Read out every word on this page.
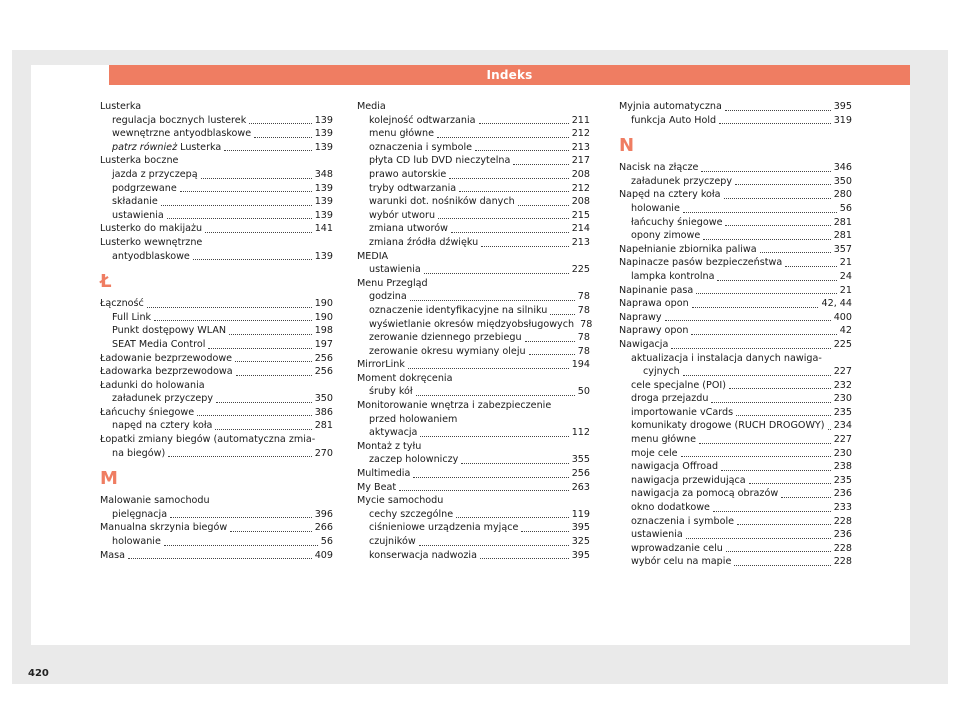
Indeks
Lusterka
regulacja bocznych lusterek	139
wewnętrzne antyodblaskowe	139
patrz również Lusterka	139
Lusterka boczne
jazda z przyczepą	348
podgrzewane	139
składanie	139
ustawienia	139
Lusterko do makijażu	141
Lusterko wewnętrzne
antyodblaskowe	139
Ł
Łączność	190
Full Link	190
Punkt dostępowy WLAN	198
SEAT Media Control	197
Ładowanie bezprzewodowe	256
Ładowarka bezprzewodowa	256
Ładunki do holowania
załadunek przyczepy	350
Łańcuchy śniegowe	386
napęd na cztery koła	281
Łopatki zmiany biegów (automatyczna zmia-
na biegów)	270
M
Malowanie samochodu
pielęgnacja	396
Manualna skrzynia biegów	266
holowanie	56
Masa	409
Media
kolejność odtwarzania	211
menu główne	212
oznaczenia i symbole	213
płyta CD lub DVD nieczytelna	217
prawo autorskie	208
tryby odtwarzania	212
warunki dot. nośników danych	208
wybór utworu	215
zmiana utworów	214
zmiana źródła dźwięku	213
MEDIA
ustawienia	225
Menu Przegląd
godzina	78
oznaczenie identyfikacyjne na silniku	78
wyświetlanie okresów międzyobsługowych 78
zerowanie dziennego przebiegu	78
zerowanie okresu wymiany oleju	78
MirrorLink	194
Moment dokręcenia
śruby kół	50
Monitorowanie wnętrza i zabezpieczenie
przed holowaniem
aktywacja	112
Montaż z tyłu
zaczep holowniczy	355
Multimedia	256
My Beat	263
Mycie samochodu
cechy szczególne	119
ciśnieniowe urządzenia myjące	395
czujników	325
konserwacja nadwozia	395
Myjnia automatyczna	395
funkcja Auto Hold	319
N
Nacisk na złącze	346
załadunek przyczepy	350
Napęd na cztery koła	280
holowanie	56
łańcuchy śniegowe	281
opony zimowe	281
Napełnianie zbiornika paliwa	357
Napinacze pasów bezpieczeństwa	21
lampka kontrolna	24
Napinanie pasa	21
Naprawa opon	42, 44
Naprawy	400
Naprawy opon	42
Nawigacja	225
aktualizacja i instalacja danych nawiga-
cyjnych	227
cele specjalne (POI)	232
droga przejazdu	230
importowanie vCards	235
komunikaty drogowe (RUCH DROGOWY) 234
menu główne	227
moje cele	230
nawigacja Offroad	238
nawigacja przewidująca	235
nawigacja za pomocą obrazów	236
okno dodatkowe	233
oznaczenia i symbole	228
ustawienia	236
wprowadzanie celu	228
wybór celu na mapie	228
420
